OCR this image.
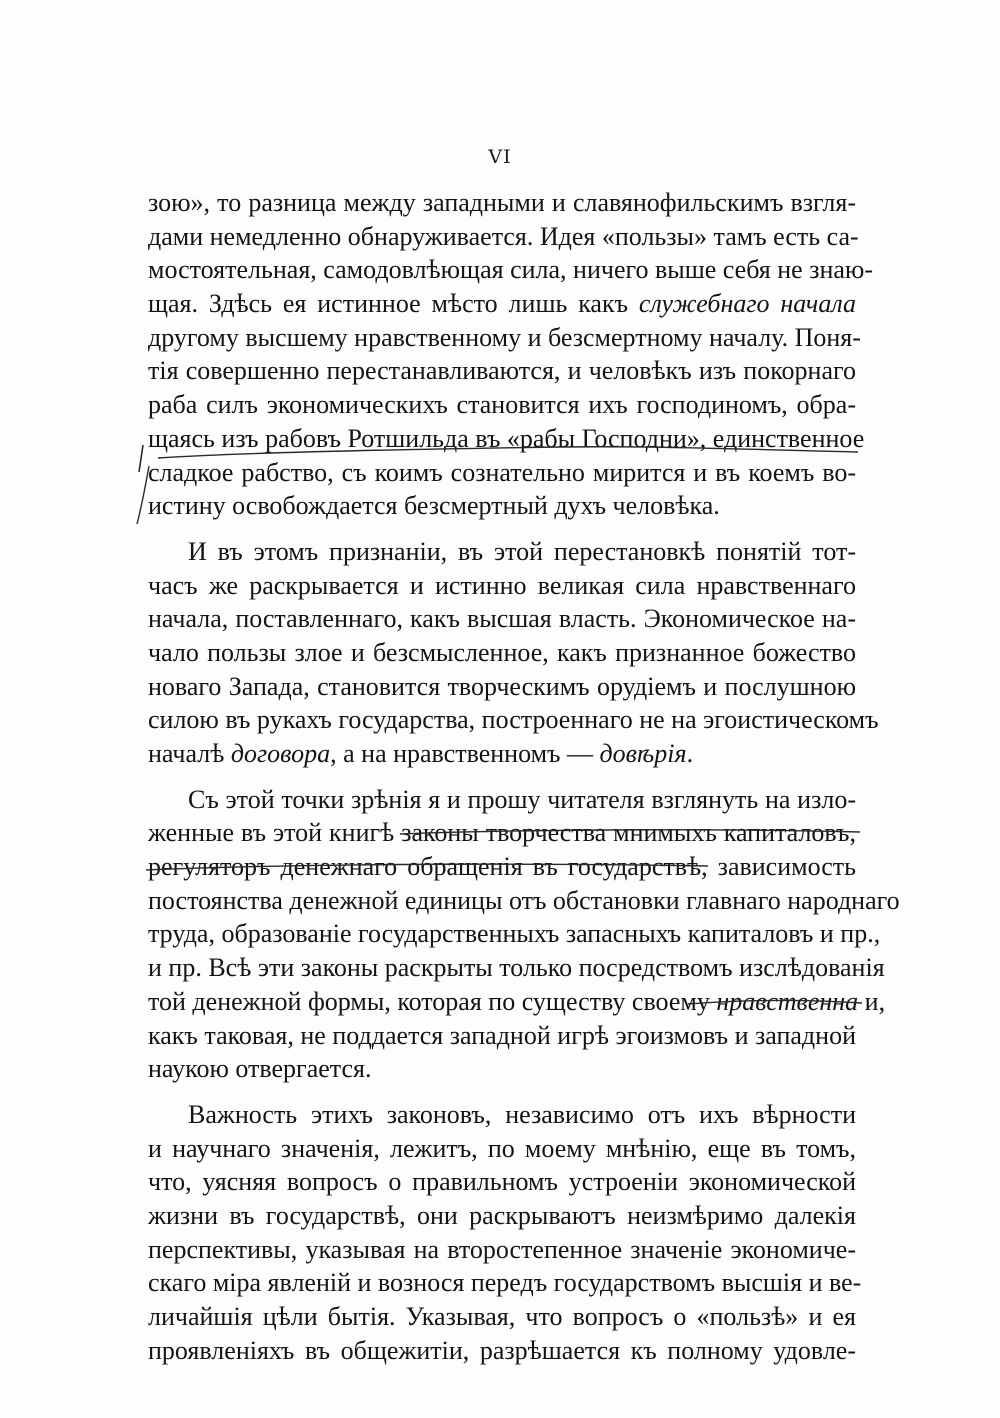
VI
зою», то разница между западными и славянофильскимъ взгля-
дами немедленно обнаруживается. Идея «пользы» тамъ есть са-
мостоятельная, самодовлѣющая сила, ничего выше себя не знаю-
щая. Здѣсь ея истинное мѣсто лишь какъ служебнаго начала
другому высшему нравственному и безсмертному началу. Поня-
тія совершенно перестанавливаются, и человѣкъ изъ покорнаго
раба силъ экономическихъ становится ихъ господиномъ, обра-
щаясь изъ рабовъ Ротшильда въ «рабы Господни», единственное
сладкое рабство, съ коимъ сознательно мирится и въ коемъ во-
истину освобождается безсмертный духъ человѣка.
И въ этомъ признаніи, въ этой перестановкѣ понятій тот-
часъ же раскрывается и истинно великая сила нравственнаго
начала, поставленнаго, какъ высшая власть. Экономическое на-
чало пользы злое и безсмысленное, какъ признанное божество
новаго Запада, становится творческимъ орудіемъ и послушною
силою въ рукахъ государства, построеннаго не на эгоистическомъ
началѣ договора, а на нравственномъ — довѣрія.
Съ этой точки зрѣнія я и прошу читателя взглянуть на изло-
женные въ этой книгѣ законы творчества мнимыхъ капиталовъ,
регуляторъ денежнаго обращенія въ государствѣ, зависимость
постоянства денежной единицы отъ обстановки главнаго народнаго
труда, образованіе государственныхъ запасныхъ капиталовъ и пр.,
и пр. Всѣ эти законы раскрыты только посредствомъ изслѣдованія
той денежной формы, которая по существу своему нравственна и,
какъ таковая, не поддается западной игрѣ эгоизмовъ и западной
наукою отвергается.
Важность этихъ законовъ, независимо отъ ихъ вѣрности
и научнаго значенія, лежитъ, по моему мнѣнію, еще въ томъ,
что, уясняя вопросъ о правильномъ устроеніи экономической
жизни въ государствѣ, они раскрываютъ неизмѣримо далекія
перспективы, указывая на второстепенное значеніе экономиче-
скаго міра явленій и вознося передъ государствомъ высшія и ве-
личайшія цѣли бытія. Указывая, что вопросъ о «пользѣ» и ея
проявленіяхъ въ общежитіи, разрѣшается къ полному удовле-
